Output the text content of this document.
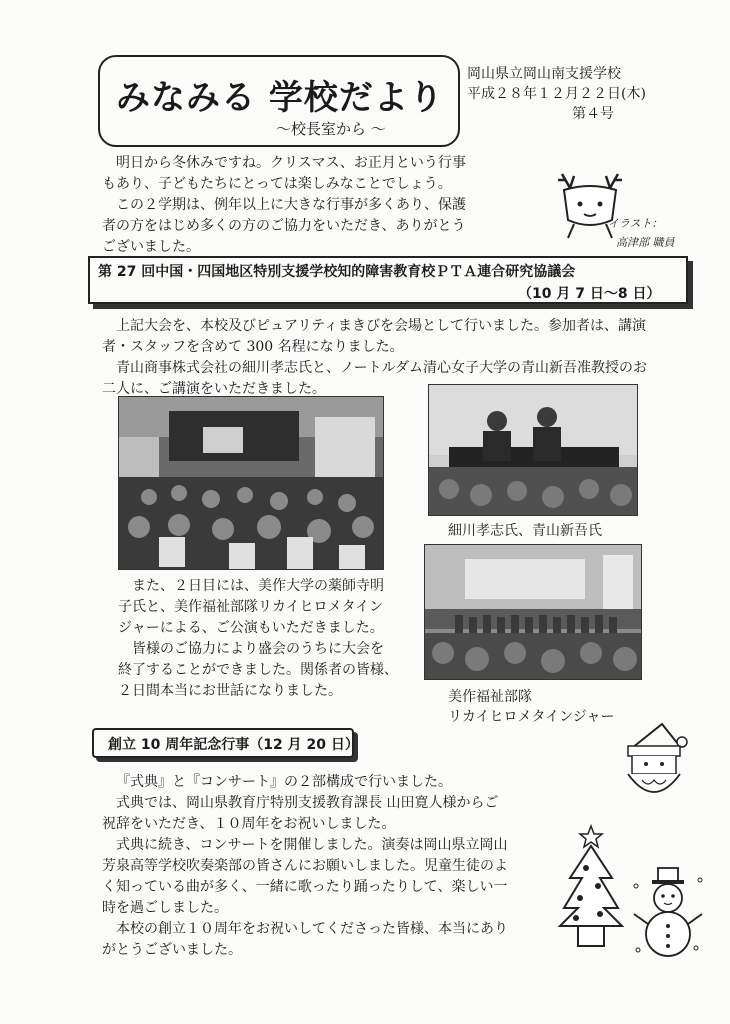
みなみる 学校だより
～校長室から ～
岡山県立岡山南支援学校
平成２８年１２月２２日(木)
第４号
明日から冬休みですね。クリスマス、お正月という行事
もあり、子どもたちにとっては楽しみなことでしょう。
この２学期は、例年以上に大きな行事が多くあり、保護
者の方をはじめ多くの方のご協力をいただき、ありがとう
ございました。
イラスト：
高津部 職員
第 27 回中国・四国地区特別支援学校知的障害教育校ＰＴＡ連合研究協議会
（10 月 7 日～8 日）
上記大会を、本校及びピュアリティまきびを会場として行いました。参加者は、講演
者・スタッフを含めて 300 名程になりました。
青山商事株式会社の細川孝志氏と、ノートルダム清心女子大学の青山新吾准教授のお
二人に、ご講演をいただきました。
細川孝志氏、青山新吾氏
また、２日目には、美作大学の薬師寺明
子氏と、美作福祉部隊リカイヒロメタイン
ジャーによる、ご公演もいただきました。
皆様のご協力により盛会のうちに大会を
終了することができました。関係者の皆様、
２日間本当にお世話になりました。	美作福祉部隊
リカイヒロメタインジャー
創立 10 周年記念行事（12 月 20 日）
『式典』と『コンサート』の２部構成で行いました。
式典では、岡山県教育庁特別支援教育課長 山田寛人様からご
祝辞をいただき、１０周年をお祝いしました。
式典に続き、コンサートを開催しました。演奏は岡山県立岡山
芳泉高等学校吹奏楽部の皆さんにお願いしました。児童生徒のよ
く知っている曲が多く、一緒に歌ったり踊ったりして、楽しい一
時を過ごしました。
本校の創立１０周年をお祝いしてくださった皆様、本当にあり
がとうございました。
